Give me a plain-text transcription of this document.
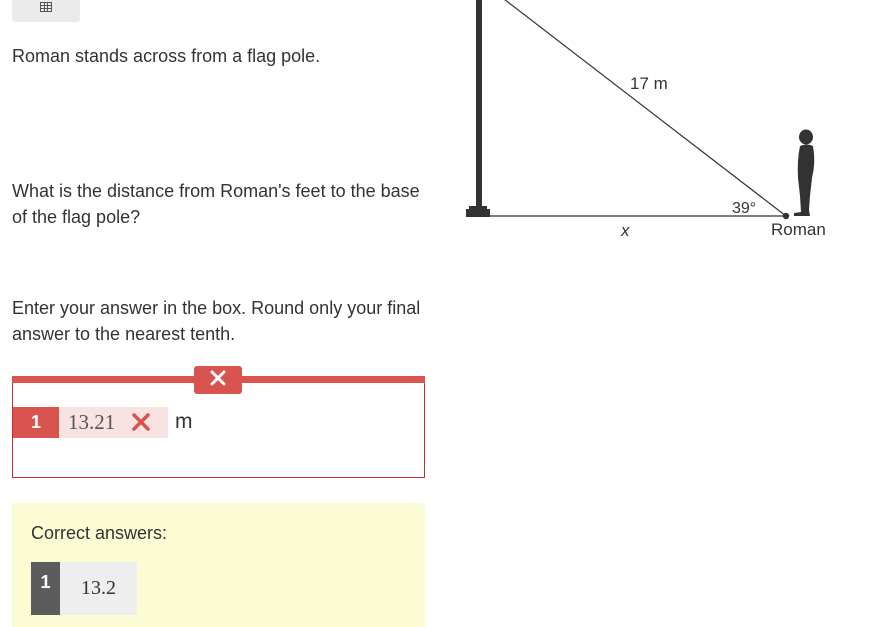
Roman stands across from a flag pole.

What is the distance from Roman's feet to the base of the flag pole?

Enter your answer in the box. Round only your final answer to the nearest tenth.

1	13.21	m
Correct answers:
1	13.2
17 m
39°
x	Roman
